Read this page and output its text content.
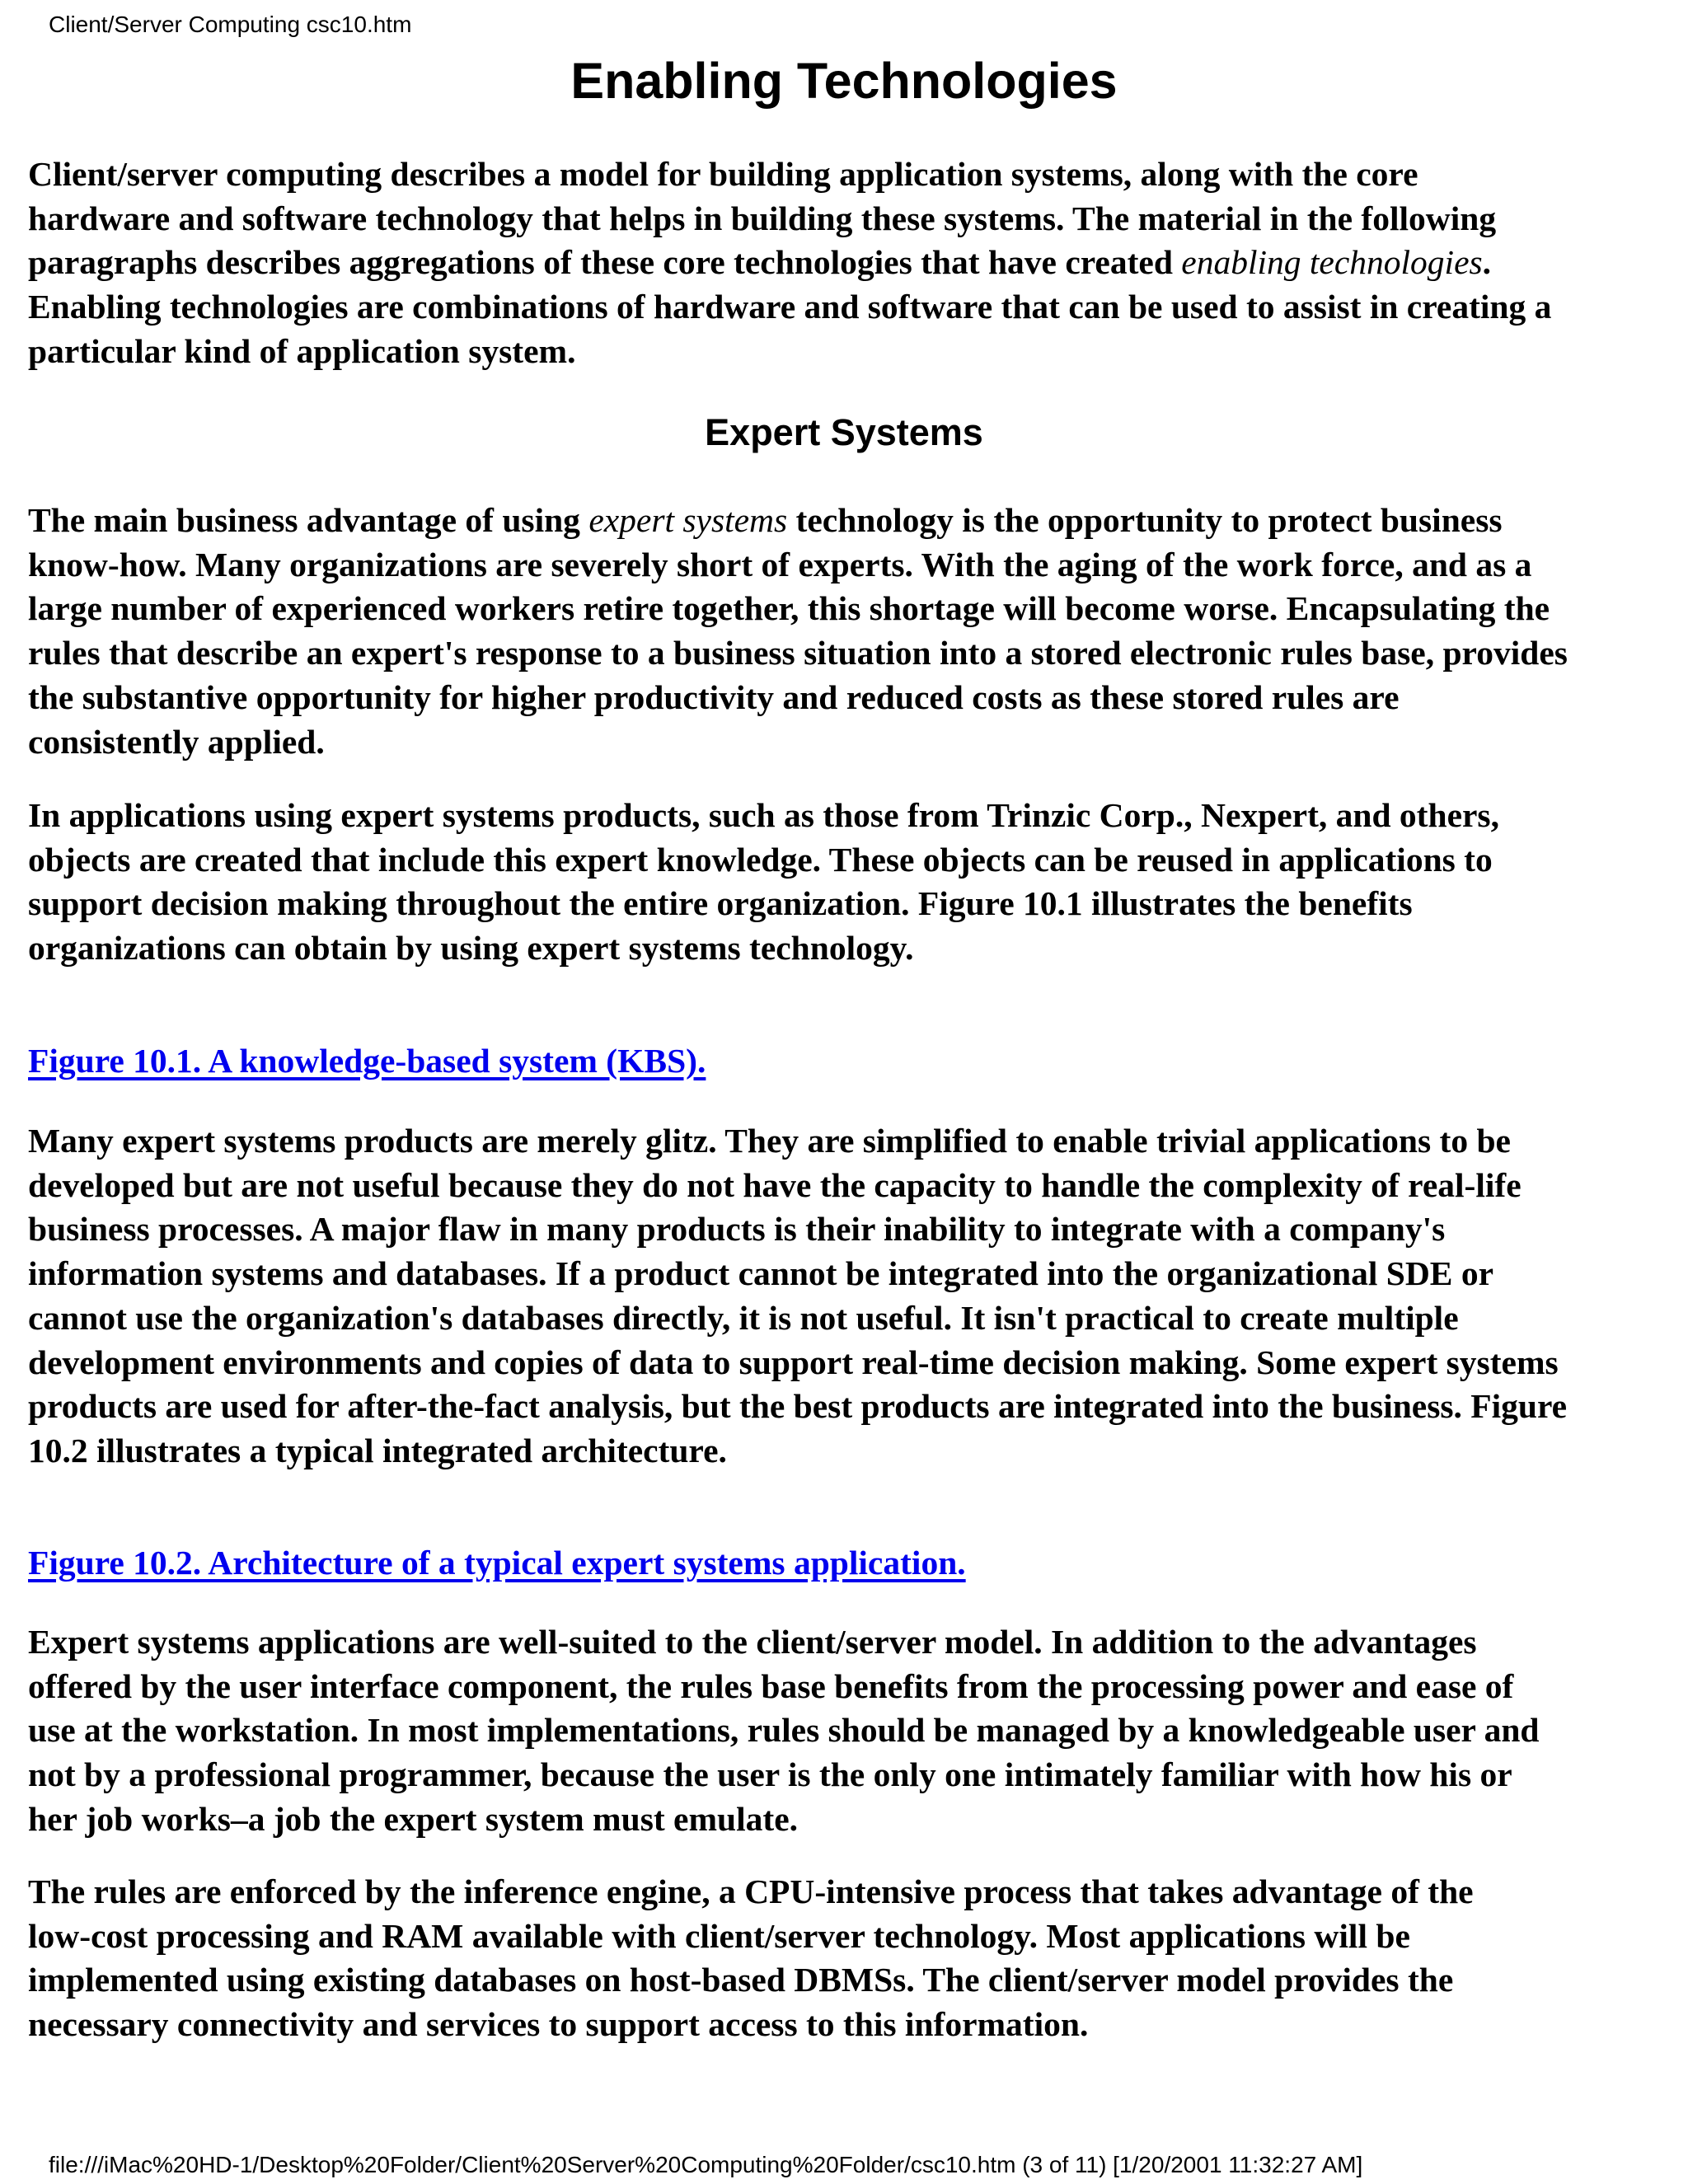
Client/Server Computing csc10.htm
Enabling Technologies

Client/server computing describes a model for building application systems, along with the core
hardware and software technology that helps in building these systems. The material in the following
paragraphs describes aggregations of these core technologies that have created enabling technologies.
Enabling technologies are combinations of hardware and software that can be used to assist in creating a
particular kind of application system.

Expert Systems

The main business advantage of using expert systems technology is the opportunity to protect business
know-how. Many organizations are severely short of experts. With the aging of the work force, and as a
large number of experienced workers retire together, this shortage will become worse. Encapsulating the
rules that describe an expert's response to a business situation into a stored electronic rules base, provides
the substantive opportunity for higher productivity and reduced costs as these stored rules are
consistently applied.

In applications using expert systems products, such as those from Trinzic Corp., Nexpert, and others,
objects are created that include this expert knowledge. These objects can be reused in applications to
support decision making throughout the entire organization. Figure 10.1 illustrates the benefits
organizations can obtain by using expert systems technology.

Figure 10.1. A knowledge-based system (KBS).

Many expert systems products are merely glitz. They are simplified to enable trivial applications to be
developed but are not useful because they do not have the capacity to handle the complexity of real-life
business processes. A major flaw in many products is their inability to integrate with a company's
information systems and databases. If a product cannot be integrated into the organizational SDE or
cannot use the organization's databases directly, it is not useful. It isn't practical to create multiple
development environments and copies of data to support real-time decision making. Some expert systems
products are used for after-the-fact analysis, but the best products are integrated into the business. Figure
10.2 illustrates a typical integrated architecture.

Figure 10.2. Architecture of a typical expert systems application.

Expert systems applications are well-suited to the client/server model. In addition to the advantages
offered by the user interface component, the rules base benefits from the processing power and ease of
use at the workstation. In most implementations, rules should be managed by a knowledgeable user and
not by a professional programmer, because the user is the only one intimately familiar with how his or
her job works–a job the expert system must emulate.

The rules are enforced by the inference engine, a CPU-intensive process that takes advantage of the
low-cost processing and RAM available with client/server technology. Most applications will be
implemented using existing databases on host-based DBMSs. The client/server model provides the
necessary connectivity and services to support access to this information.

file:///iMac%20HD-1/Desktop%20Folder/Client%20Server%20Computing%20Folder/csc10.htm (3 of 11) [1/20/2001 11:32:27 AM]
